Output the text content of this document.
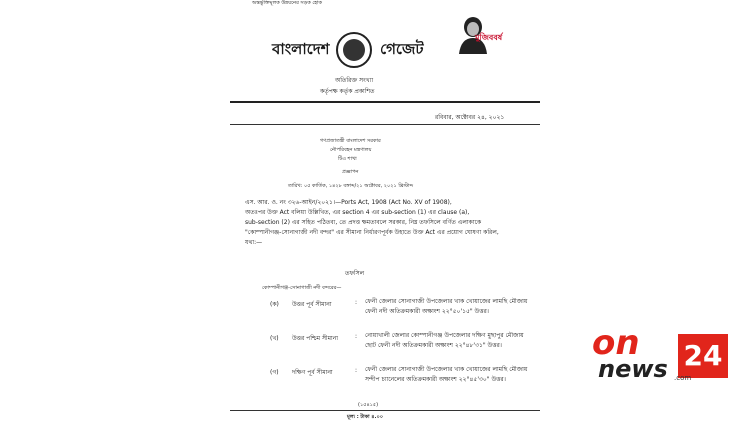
অন্তর্ভুক্তিমূলক উন্নয়নের সড়ক হোক
বাংলাদেশ	গেজেট
মুজিববর্ষ
অতিরিক্ত সংখ্যা
কর্তৃপক্ষ কর্তৃক প্রকাশিত
রবিবার, অক্টোবর ২৪, ২০২১
গণপ্রজাতন্ত্রী বাংলাদেশ সরকার
নৌপরিবহন মন্ত্রণালয়
টিএ শাখা
প্রজ্ঞাপন
তারিখ: ০৫ কার্তিক, ১৪২৮ বঙ্গাব্দ/২১ অক্টোবর, ২০২১ খ্রিস্টাব্দ
এস. আর. ও. নং ৩২৬-আইন/২০২১।—Ports Act, 1908 (Act No. XV of 1908),
অতঃপর উক্ত Act বলিয়া উল্লিখিত, এর section 4 এর sub-section (1) এর clause (a),
sub-section (2) এর সহিত পঠিতব্য, তে প্রদত্ত ক্ষমতাবলে সরকার, নিম্ন তফসিলে বর্ণিত এলাকাকে
"কোম্পানীগঞ্জ-সোনাগাজী নদী বন্দর" এর সীমানা নির্ধারণপূর্বক উহাতে উক্ত Act এর প্রয়োগ ঘোষণা করিল,
যথা:—
তফসিল
কোম্পানীগঞ্জ-সোনাগাজী নদী বন্দরের—
(ক) উত্তর পূর্ব সীমানা	: ফেনী জেলার সোনাগাজী উপজেলার খাক খোয়াজের লামছি মৌজায় ফেনী নদী অতিক্রমকারী অক্ষাংশ ২২°৫০'১৫" উত্তর।
(খ) উত্তর পশ্চিম সীমানা	: নোয়াখালী জেলার কোম্পানীগঞ্জ উপজেলার দক্ষিণ মুছাপুর মৌজায় ছোট ফেনী নদী অতিক্রমকারী অক্ষাংশ ২২°৪৮'৩১" উত্তর।
(গ) দক্ষিণ পূর্ব সীমানা	: ফেনী জেলার সোনাগাজী উপজেলার খাক খোয়াজের লামছি মৌজায় সন্দীপ চ্যানেলের অতিক্রমকারী অক্ষাংশ ২২°৪৫'৩০" উত্তর।
(১৫৪১৫)
মূল্য : টাকা ৪.০০
on
news 24
.com
